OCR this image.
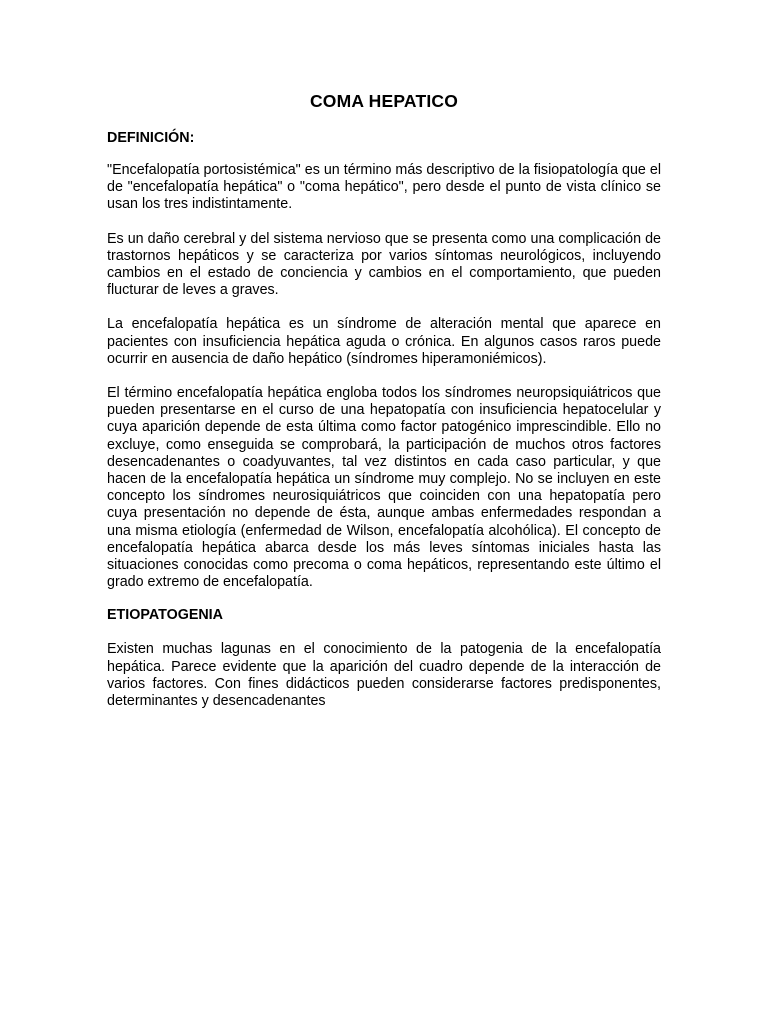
COMA HEPATICO
DEFINICIÓN:

"Encefalopatía portosistémica" es un término más descriptivo de la fisiopatología que el de "encefalopatía hepática" o "coma hepático", pero desde el punto de vista clínico se usan los tres indistintamente.

Es un daño cerebral y del sistema nervioso que se presenta como una complicación de trastornos hepáticos y se caracteriza por varios síntomas neurológicos, incluyendo cambios en el estado de conciencia y cambios en el comportamiento, que pueden flucturar de leves a graves.

La encefalopatía hepática es un síndrome de alteración mental que aparece en pacientes con insuficiencia hepática aguda o crónica. En algunos casos raros puede ocurrir en ausencia de daño hepático (síndromes hiperamoniémicos).

El término encefalopatía hepática engloba todos los síndromes neuropsiquiátricos que pueden presentarse en el curso de una hepatopatía con insuficiencia hepatocelular y cuya aparición depende de esta última como factor patogénico imprescindible. Ello no excluye, como enseguida se comprobará, la participación de muchos otros factores desencadenantes o coadyuvantes, tal vez distintos en cada caso particular, y que hacen de la encefalopatía hepática un síndrome muy complejo. No se incluyen en este concepto los síndromes neurosiquiátricos que coinciden con una hepatopatía pero cuya presentación no depende de ésta, aunque ambas enfermedades respondan a una misma etiología (enfermedad de Wilson, encefalopatía alcohólica). El concepto de encefalopatía hepática abarca desde los más leves síntomas iniciales hasta las situaciones conocidas como precoma o coma hepáticos, representando este último el grado extremo de encefalopatía.

ETIOPATOGENIA

Existen muchas lagunas en el conocimiento de la patogenia de la encefalopatía hepática. Parece evidente que la aparición del cuadro depende de la interacción de varios factores. Con fines didácticos pueden considerarse factores predisponentes, determinantes y desencadenantes
